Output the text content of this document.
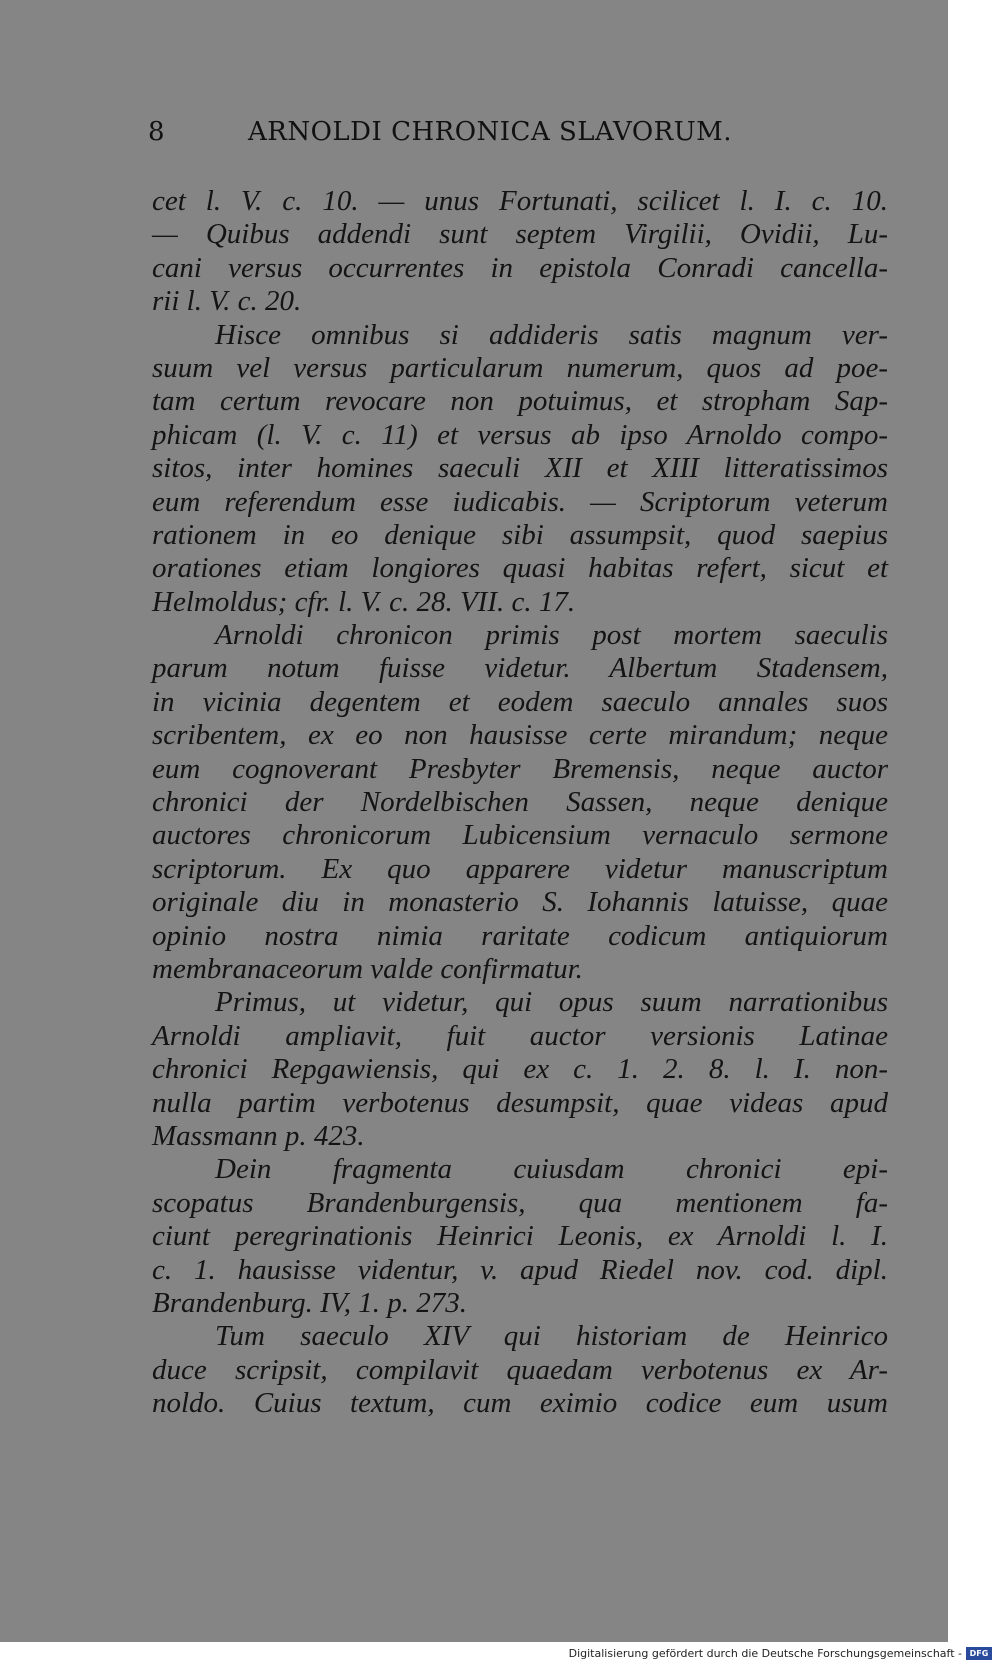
8	ARNOLDI CHRONICA SLAVORUM.
cet l. V. c. 10. — unus Fortunati, scilicet l. I. c. 10.
— Quibus addendi sunt septem Virgilii, Ovidii, Lu-
cani versus occurrentes in epistola Conradi cancella-
rii l. V. c. 20.
Hisce omnibus si addideris satis magnum ver-
suum vel versus particularum numerum, quos ad poe-
tam certum revocare non potuimus, et stropham Sap-
phicam (l. V. c. 11) et versus ab ipso Arnoldo compo-
sitos, inter homines saeculi XII et XIII litteratissimos
eum referendum esse iudicabis. — Scriptorum veterum
rationem in eo denique sibi assumpsit, quod saepius
orationes etiam longiores quasi habitas refert, sicut et
Helmoldus; cfr. l. V. c. 28. VII. c. 17.
Arnoldi chronicon primis post mortem saeculis
parum notum fuisse videtur. Albertum Stadensem,
in vicinia degentem et eodem saeculo annales suos
scribentem, ex eo non hausisse certe mirandum; neque
eum cognoverant Presbyter Bremensis, neque auctor
chronici der Nordelbischen Sassen, neque denique
auctores chronicorum Lubicensium vernaculo sermone
scriptorum. Ex quo apparere videtur manuscriptum
originale diu in monasterio S. Iohannis latuisse, quae
opinio nostra nimia raritate codicum antiquiorum
membranaceorum valde confirmatur.
Primus, ut videtur, qui opus suum narrationibus
Arnoldi ampliavit, fuit auctor versionis Latinae
chronici Repgawiensis, qui ex c. 1. 2. 8. l. I. non-
nulla partim verbotenus desumpsit, quae videas apud
Massmann p. 423.
Dein fragmenta cuiusdam chronici epi-
scopatus Brandenburgensis, qua mentionem fa-
ciunt peregrinationis Heinrici Leonis, ex Arnoldi l. I.
c. 1. hausisse videntur, v. apud Riedel nov. cod. dipl.
Brandenburg. IV, 1. p. 273.
Tum saeculo XIV qui historiam de Heinrico
duce scripsit, compilavit quaedam verbotenus ex Ar-
noldo. Cuius textum, cum eximio codice eum usum
Digitalisierung gefördert durch die Deutsche Forschungsgemeinschaft - DFG
